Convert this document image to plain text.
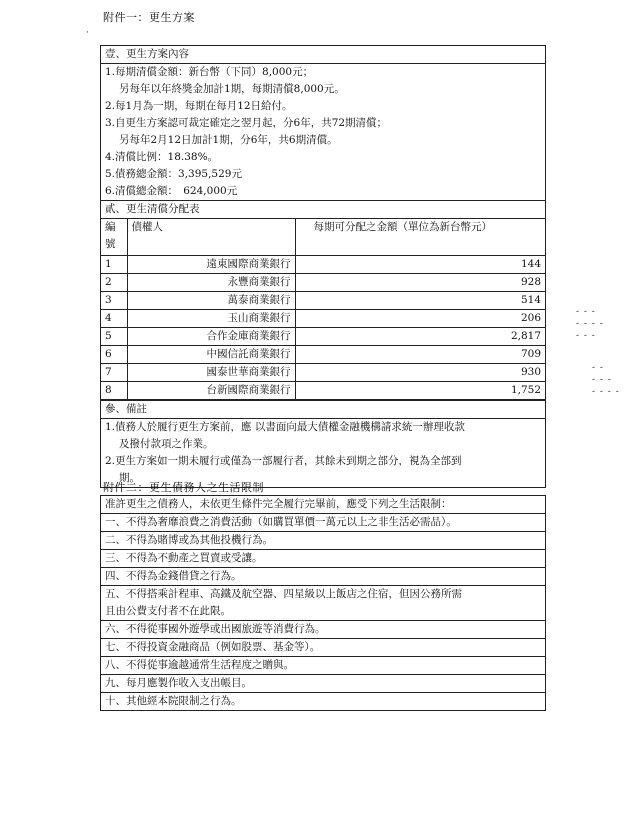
附件一：更生方案
·
- - -
- - - -
- - -
- -
- - -
- - - -
壹、更生方案內容
1.每期清償金額：新台幣（下同）8,000元；
另每年以年終獎金加計1期，每期清償8,000元。
2.每1月為一期，每期在每月12日給付。
3.自更生方案認可裁定確定之翌月起，分6年，共72期清償；
另每年2月12日加計1期，分6年，共6期清償。
4.清償比例：18.38%。
5.債務總金額：3,395,529元
6.清償總金額：　624,000元
貳、更生清償分配表
編號	債權人	每期可分配之金額（單位為新台幣元）
1	遠東國際商業銀行	144
2	永豐商業銀行	928
3	萬泰商業銀行	514
4	玉山商業銀行	206
5	合作金庫商業銀行	2,817
6	中國信託商業銀行	709
7	國泰世華商業銀行	930
8	台新國際商業銀行	1,752
參、備註
1.債務人於履行更生方案前，應 以書面向最大債權金融機構請求統一辦理收款
及撥付款項之作業。
2.更生方案如一期未履行或僅為一部履行者，其餘未到期之部分，視為全部到
期。
附件二：更生債務人之生活限制
准許更生之債務人，未依更生條件完全履行完畢前，應受下列之生活限制：
一、不得為奢靡浪費之消費活動（如購買單價一萬元以上之非生活必需品）。
二、不得為賭博或為其他投機行為。
三、不得為不動產之買賣或受讓。
四、不得為金錢借貸之行為。
五、不得搭乘計程車、高鐵及航空器、四星級以上飯店之住宿，但因公務所需
且由公費支付者不在此限。
六、不得從事國外遊學或出國旅遊等消費行為。
七、不得投資金融商品（例如股票、基金等）。
八、不得從事逾越通常生活程度之贈與。
九、每月應製作收入支出帳目。
十、其他經本院限制之行為。
